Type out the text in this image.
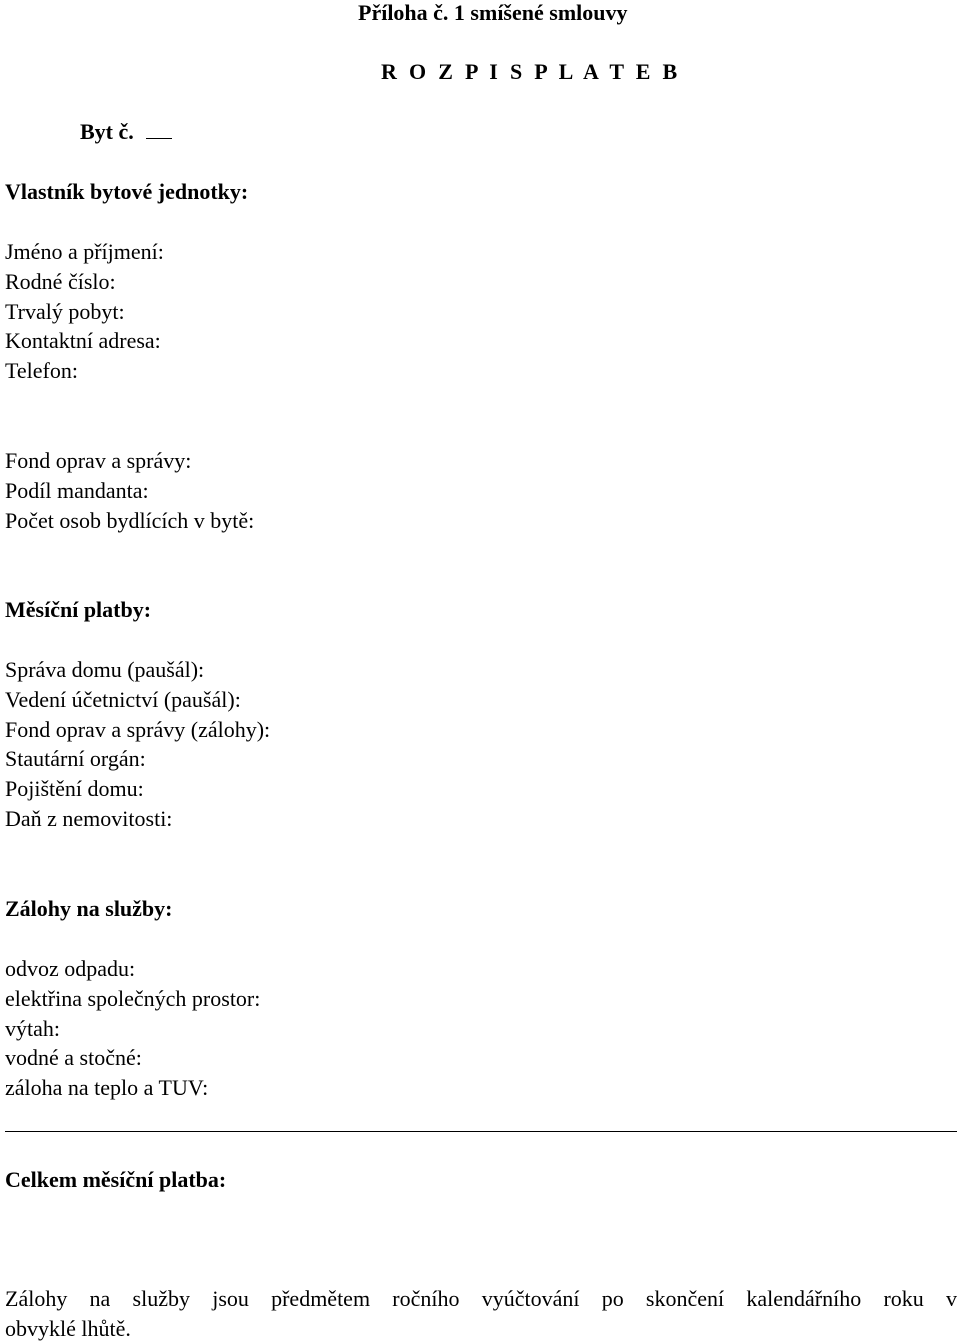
Příloha č. 1 smíšené smlouvy
R O Z P I S P L A T E B
Byt č.
Vlastník bytové jednotky:
Jméno a příjmení:
Rodné číslo:
Trvalý pobyt:
Kontaktní adresa:
Telefon:
Fond oprav a správy:
Podíl mandanta:
Počet osob bydlících v bytě:
Měsíční platby:
Správa domu (paušál):
Vedení účetnictví (paušál):
Fond oprav a správy (zálohy):
Stautární orgán:
Pojištění domu:
Daň z nemovitosti:
Zálohy na služby:
odvoz odpadu:
elektřina společných prostor:
výtah:
vodné a stočné:
záloha na teplo a TUV:
Celkem měsíční platba:
Zálohy na služby jsou předmětem ročního vyúčtování po skončení kalendářního roku v
obvyklé lhůtě.
